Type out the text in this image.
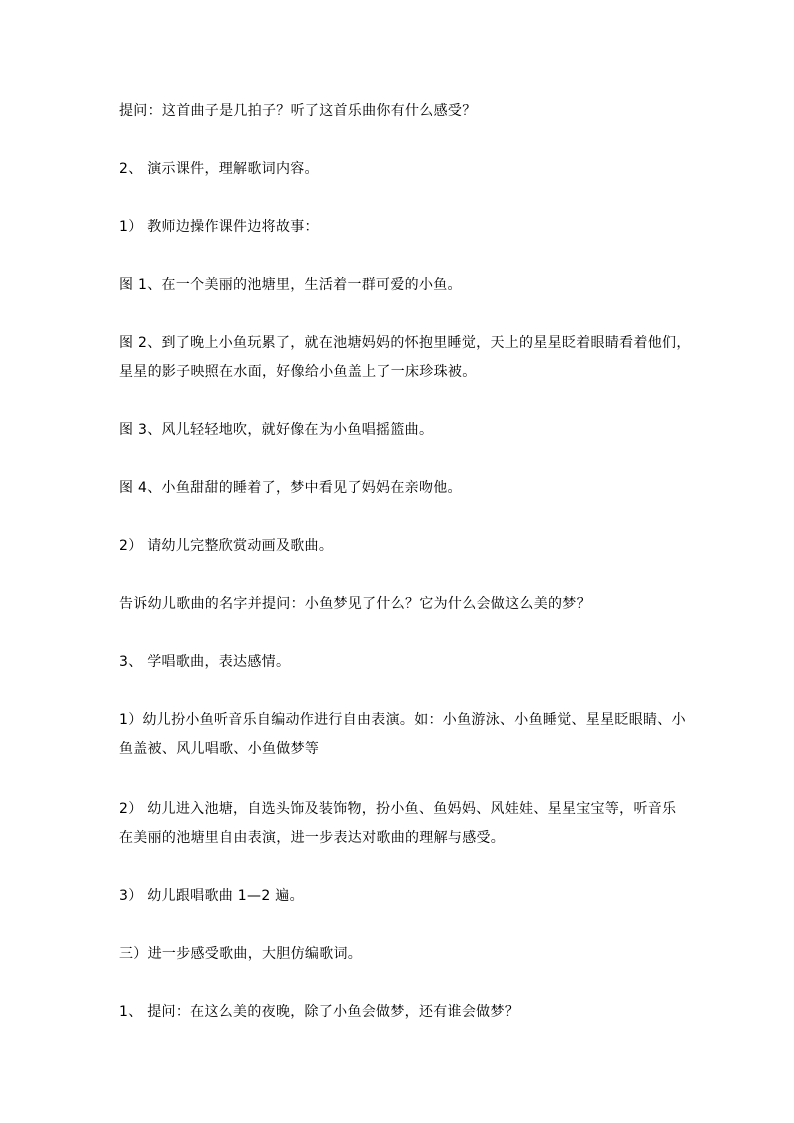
提问：这首曲子是几拍子？听了这首乐曲你有什么感受？

2、 演示课件，理解歌词内容。

1） 教师边操作课件边将故事：

图 1、在一个美丽的池塘里，生活着一群可爱的小鱼。

图 2、到了晚上小鱼玩累了，就在池塘妈妈的怀抱里睡觉，天上的星星眨着眼睛看着他们，
星星的影子映照在水面，好像给小鱼盖上了一床珍珠被。

图 3、风儿轻轻地吹，就好像在为小鱼唱摇篮曲。

图 4、小鱼甜甜的睡着了，梦中看见了妈妈在亲吻他。

2） 请幼儿完整欣赏动画及歌曲。

告诉幼儿歌曲的名字并提问：小鱼梦见了什么？它为什么会做这么美的梦？

3、 学唱歌曲，表达感情。

1）幼儿扮小鱼听音乐自编动作进行自由表演。如：小鱼游泳、小鱼睡觉、星星眨眼睛、小
鱼盖被、风儿唱歌、小鱼做梦等

2） 幼儿进入池塘，自选头饰及装饰物，扮小鱼、鱼妈妈、风娃娃、星星宝宝等，听音乐
在美丽的池塘里自由表演，进一步表达对歌曲的理解与感受。

3） 幼儿跟唱歌曲 1—2 遍。

三）进一步感受歌曲，大胆仿编歌词。

1、 提问：在这么美的夜晚，除了小鱼会做梦，还有谁会做梦？
